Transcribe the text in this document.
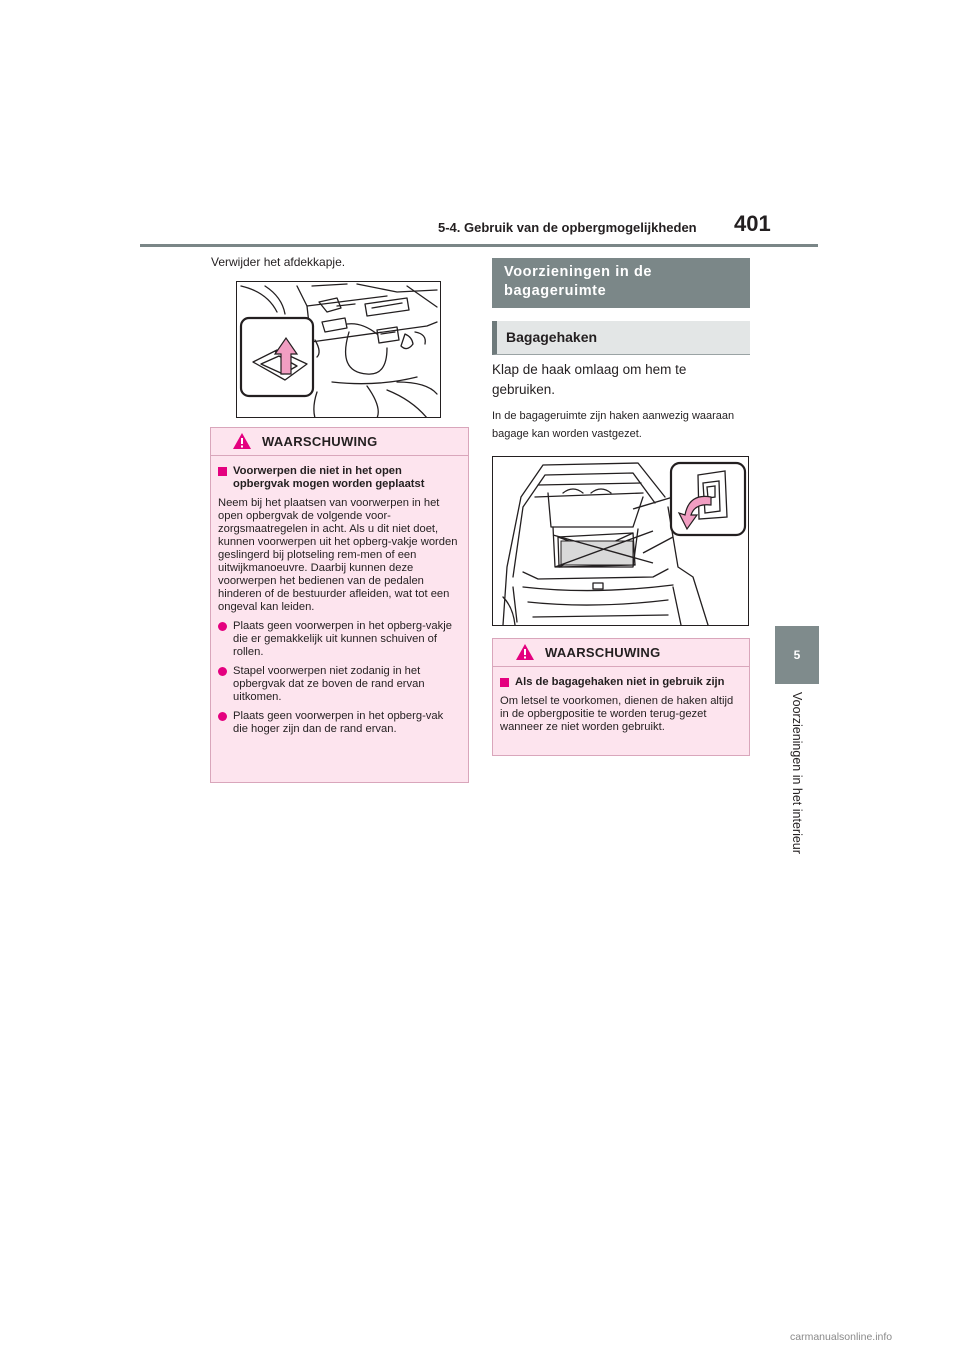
5-4. Gebruik van de opbergmogelijkheden 401
5
Voorzieningen in het interieur
Verwijder het afdekkapje.
WAARSCHUWING
Voorwerpen die niet in het open opbergvak mogen worden geplaatst

Neem bij het plaatsen van voorwerpen in het open opbergvak de volgende voor-zorgsmaatregelen in acht. Als u dit niet doet, kunnen voorwerpen uit het opberg-vakje worden geslingerd bij plotseling rem-men of een uitwijkmanoeuvre. Daarbij kunnen deze voorwerpen het bedienen van de pedalen hinderen of de bestuurder afleiden, wat tot een ongeval kan leiden.

Plaats geen voorwerpen in het opberg-vakje die er gemakkelijk uit kunnen schuiven of rollen.
Stapel voorwerpen niet zodanig in het opbergvak dat ze boven de rand ervan uitkomen.
Plaats geen voorwerpen in het opberg-vak die hoger zijn dan de rand ervan.
Voorzieningen in de bagageruimte
Bagagehaken
Klap de haak omlaag om hem te gebruiken.
In de bagageruimte zijn haken aanwezig waaraan bagage kan worden vastgezet.
WAARSCHUWING
Als de bagagehaken niet in gebruik zijn

Om letsel te voorkomen, dienen de haken altijd in de opbergpositie te worden terug-gezet wanneer ze niet worden gebruikt.

carmanualsonline.info
